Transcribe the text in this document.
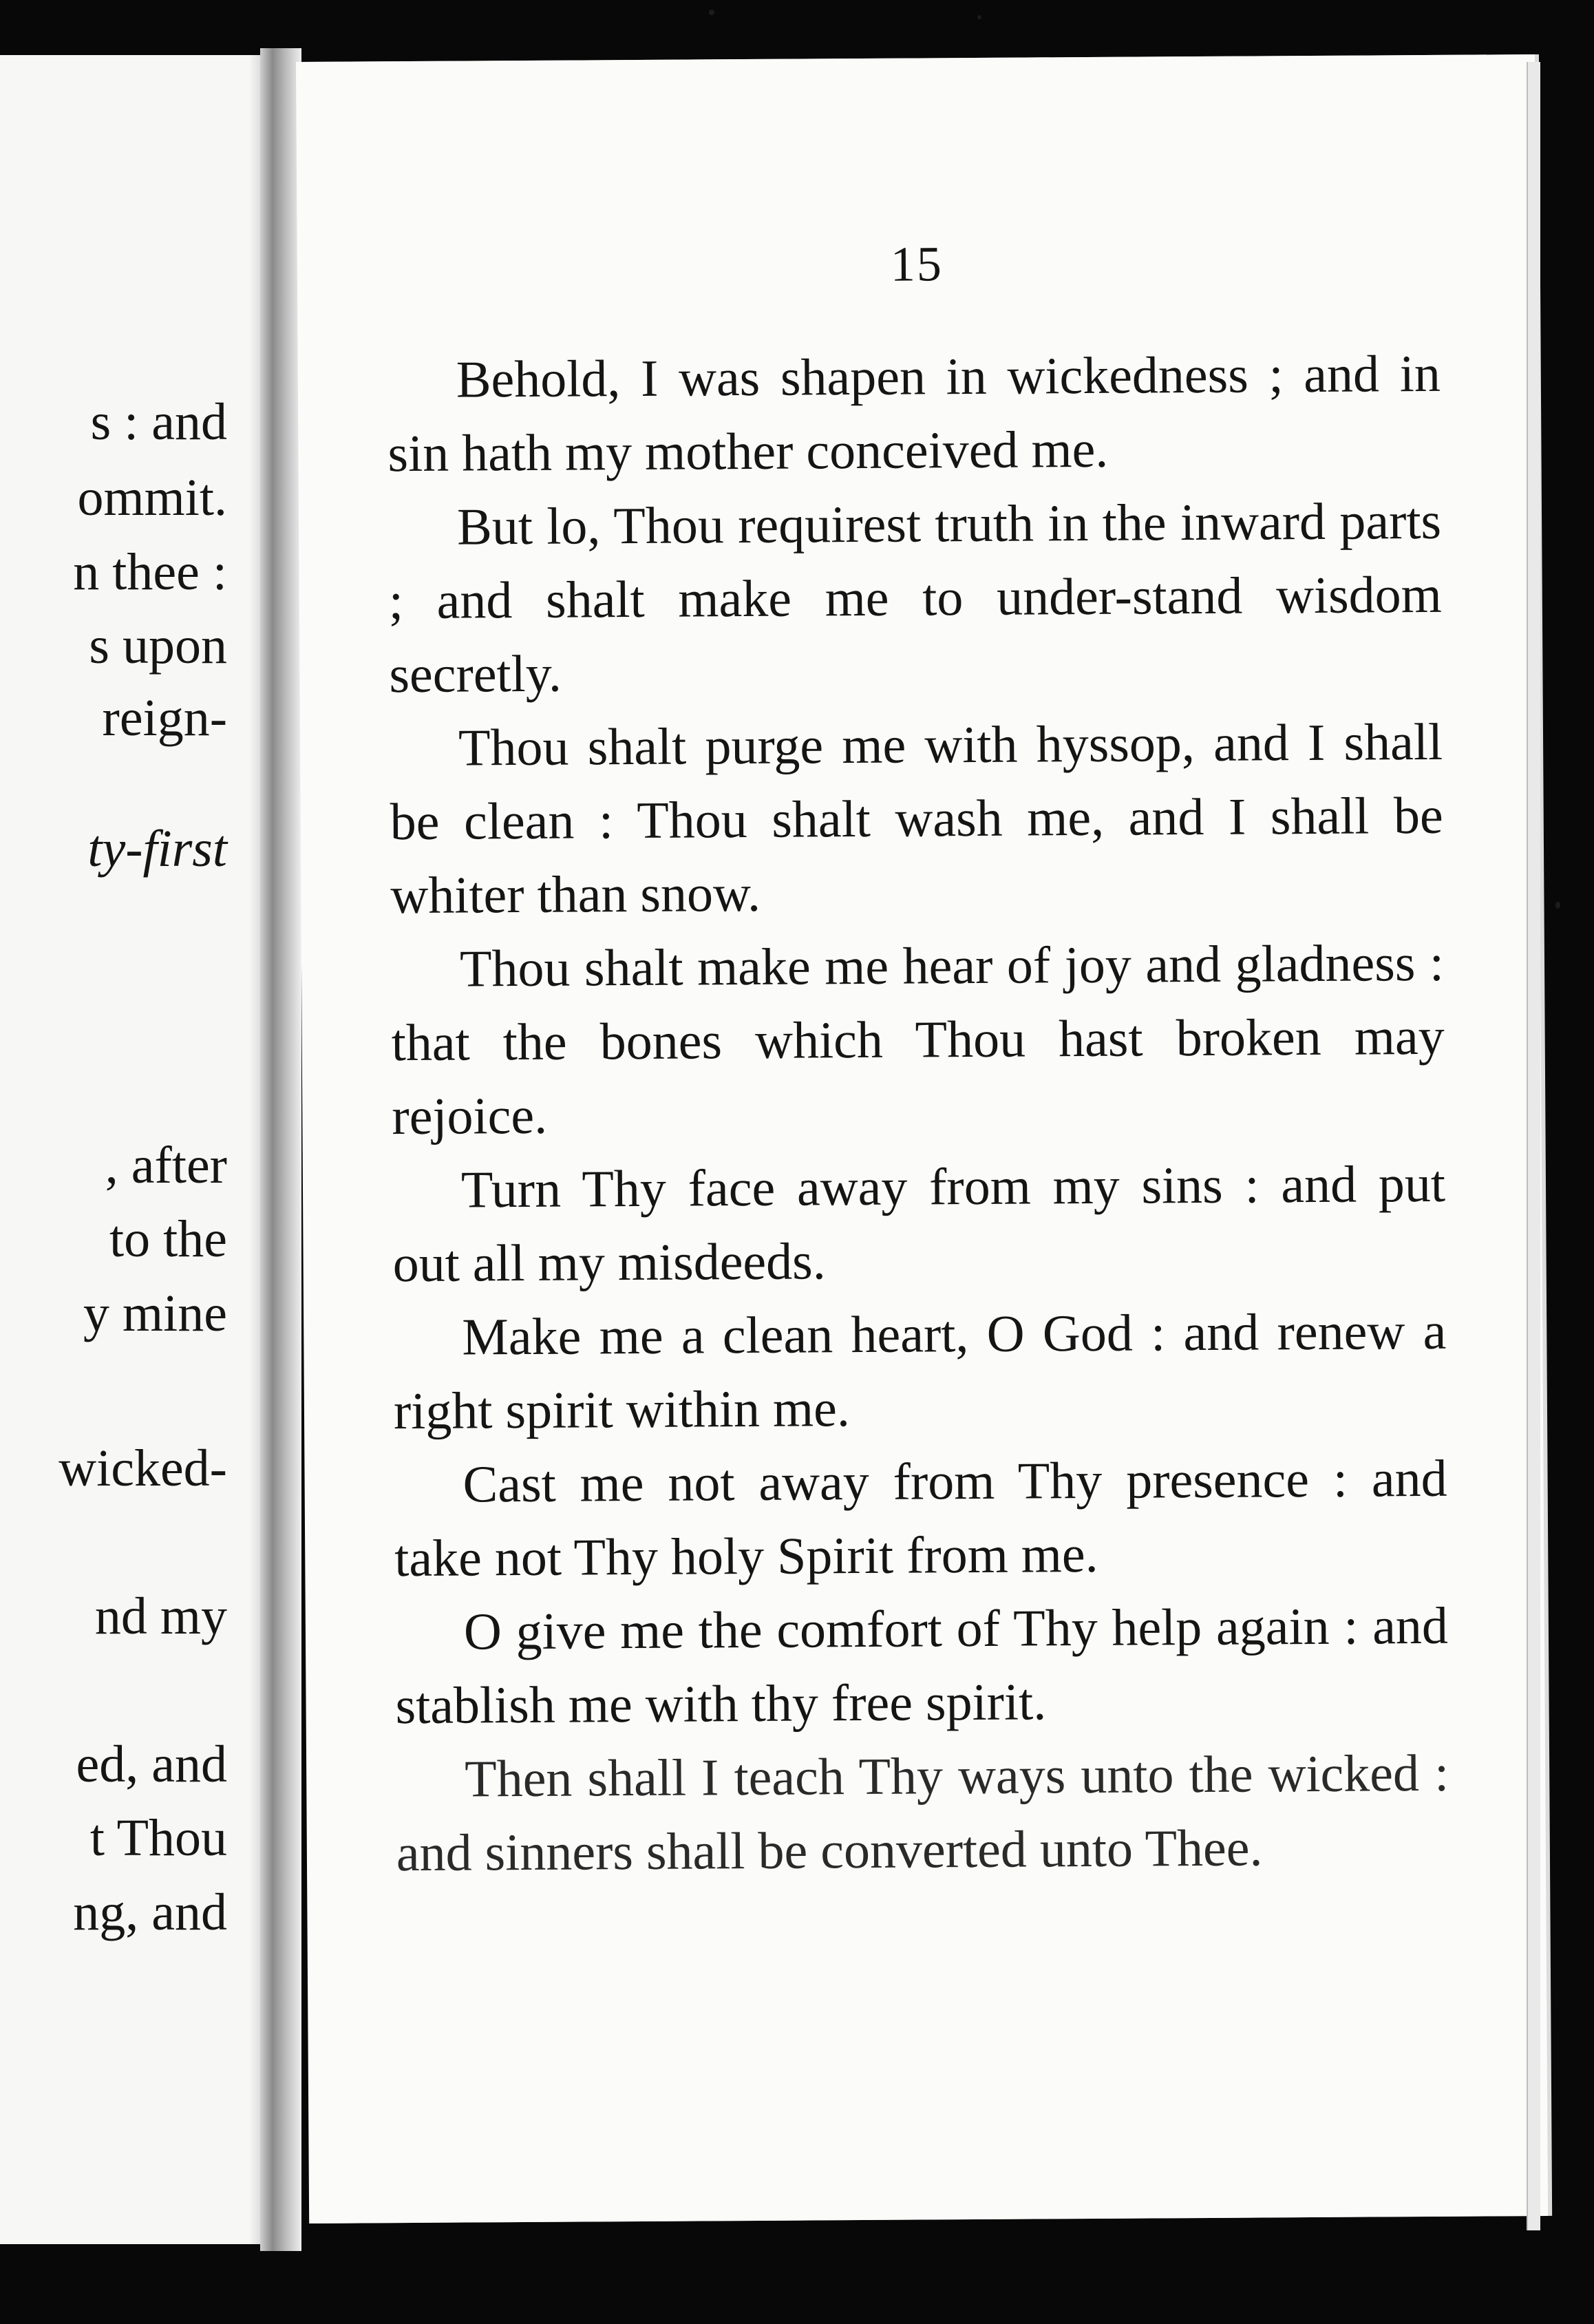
s : and
ommit.
n thee :
s upon
reign-
ty-first
, after
to the
y mine
wicked-
nd my
ed, and
t Thou
ng, and
15

Behold, I was shapen in wickedness ; and in sin hath my mother conceived me.

But lo, Thou requirest truth in the inward parts ; and shalt make me to under-stand wisdom secretly.

Thou shalt purge me with hyssop, and I shall be clean : Thou shalt wash me, and I shall be whiter than snow.

Thou shalt make me hear of joy and gladness : that the bones which Thou hast broken may rejoice.

Turn Thy face away from my sins : and put out all my misdeeds.

Make me a clean heart, O God : and renew a right spirit within me.

Cast me not away from Thy presence : and take not Thy holy Spirit from me.

O give me the comfort of Thy help again : and stablish me with thy free spirit.

Then shall I teach Thy ways unto the wicked : and sinners shall be converted unto Thee.
